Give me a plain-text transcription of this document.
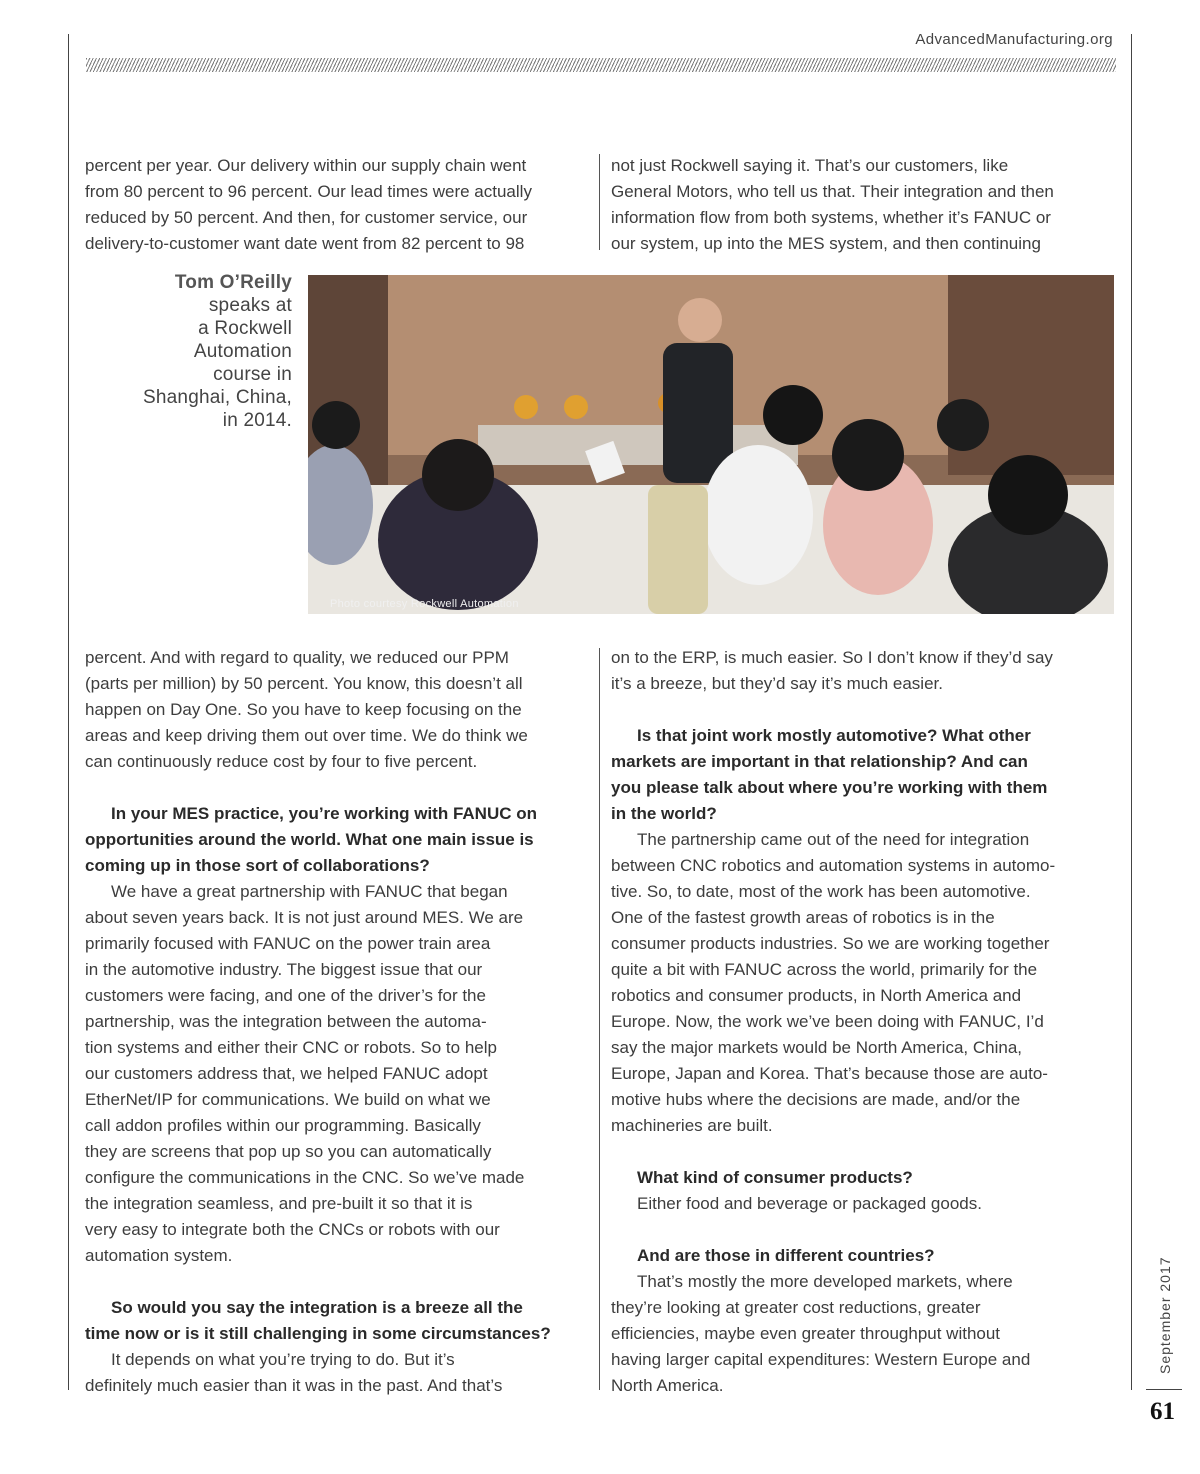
AdvancedManufacturing.org

percent per year. Our delivery within our supply chain went

from 80 percent to 96 percent. Our lead times were actually

reduced by 50 percent. And then, for customer service, our

delivery-to-customer want date went from 82 percent to 98

not just Rockwell saying it. That’s our customers, like

General Motors, who tell us that. Their integration and then

information flow from both systems, whether it’s FANUC or

our system, up into the MES system, and then continuing

Tom O’Reilly
speaks at
a Rockwell
Automation
course in
Shanghai, China,
in 2014.
Photo courtesy Rockwell Automation

percent. And with regard to quality, we reduced our PPM

(parts per million) by 50 percent. You know, this doesn’t all

happen on Day One. So you have to keep focusing on the

areas and keep driving them out over time. We do think we

can continuously reduce cost by four to five percent.

In your MES practice, you’re working with FANUC on

opportunities around the world. What one main issue is

coming up in those sort of collaborations?

We have a great partnership with FANUC that began

about seven years back. It is not just around MES. We are

primarily focused with FANUC on the power train area

in the automotive industry. The biggest issue that our

customers were facing, and one of the driver’s for the

partnership, was the integration between the automa-

tion systems and either their CNC or robots. So to help

our customers address that, we helped FANUC adopt

EtherNet/IP for communications. We build on what we

call addon profiles within our programming. Basically

they are screens that pop up so you can automatically

configure the communications in the CNC. So we’ve made

the integration seamless, and pre-built it so that it is

very easy to integrate both the CNCs or robots with our

automation system.

So would you say the integration is a breeze all the

time now or is it still challenging in some circumstances?

It depends on what you’re trying to do. But it’s

definitely much easier than it was in the past. And that’s

on to the ERP, is much easier. So I don’t know if they’d say

it’s a breeze, but they’d say it’s much easier.

Is that joint work mostly automotive? What other

markets are important in that relationship? And can

you please talk about where you’re working with them

in the world?

The partnership came out of the need for integration

between CNC robotics and automation systems in automo-

tive. So, to date, most of the work has been automotive.

One of the fastest growth areas of robotics is in the

consumer products industries. So we are working together

quite a bit with FANUC across the world, primarily for the

robotics and consumer products, in North America and

Europe. Now, the work we’ve been doing with FANUC, I’d

say the major markets would be North America, China,

Europe, Japan and Korea. That’s because those are auto-

motive hubs where the decisions are made, and/or the

machineries are built.

What kind of consumer products?

Either food and beverage or packaged goods.

And are those in different countries?

That’s mostly the more developed markets, where

they’re looking at greater cost reductions, greater

efficiencies, maybe even greater throughput without

having larger capital expenditures: Western Europe and

North America.

September 2017
61
